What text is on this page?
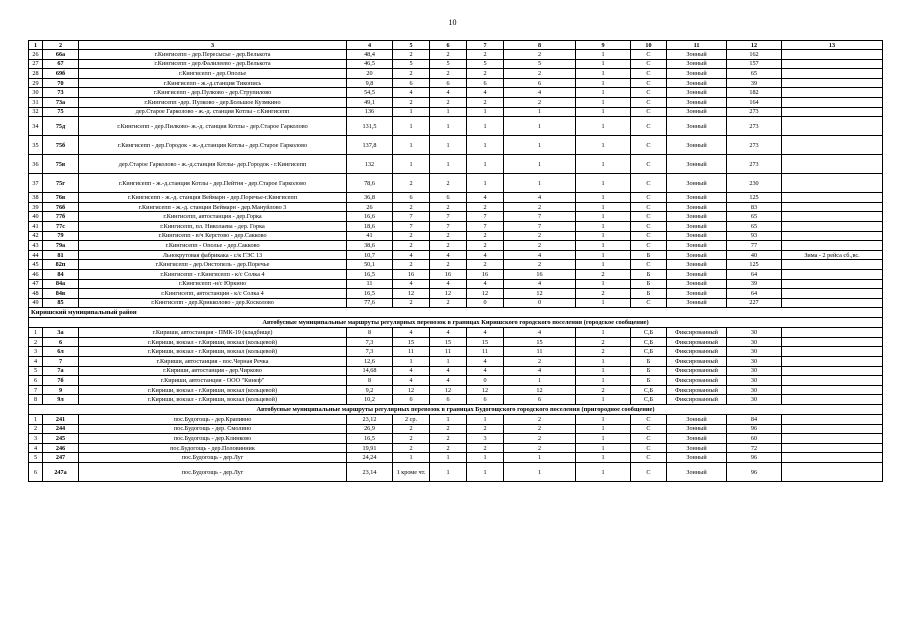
10
1	2	3	4	5	6	7	8	9	10	11	12	13
26	66а	г.Кингисепп - дер.Пересысье - дер.Велькота	48,4	2	2	2	2	1	С	Зонный	162	
27	67	г.Кингисепп - дер.Фалилеево - дер.Велькота	46,5	5	5	5	5	1	С	Зонный	157	
28	69б	г.Кингисепп - дер.Ополье	20	2	2	2	2	1	С	Зонный	65	
29	70	г.Кингисепп - ж.-д.станция Тикопись	9,8	6	6	6	6	1	С	Зонный	39	
30	73	г.Кингисепп - дер.Пулково - дер.Струпилово	54,5	4	4	4	4	1	С	Зонный	182	
31	73а	г.Кингисепп -дер. Пулково - дер.Большое Кузмкино	49,1	2	2	2	2	1	С	Зонный	164	
32	75	дер.Старое Гарколово - ж.-д. станция Котлы - г.Кингисепп	136	1	1	1	1	1	С	Зонный	273	
34	75д	г.Кингисепп - дер.Пилково- ж.-д. станция Котлы - дер.Старое Гарколово	131,5	1	1	1	1	1	С	Зонный	273	
35	75б	г.Кингисепп - дер.Городок - ж.-д.станция Котлы - дер.Старое Гарколово	137,8	1	1	1	1	1	С	Зонный	273	
36	75в	дер.Старое Гарколово - ж.-д.станция Котлы- дер.Городок - г.Кингисепп	132	1	1	1	1	1	С	Зонный	273	
37	75г	г.Кингисепп - ж.-д.станция Котлы - дер.Пейтня - дер.Старое Гарколово	78,6	2	2	1	1	1	С	Зонный	230	
38	76в	г.Кингисепп - ж.-д. станция Веймарн - дер.Поречье-г.Кингисепп	36,8	6	6	4	4	1	С	Зонный	125	
39	76б	г.Кингисепп - ж.-д. станция Веймарн - дер.Мануйлово 3	26	2	2	2	2	1	С	Зонный	83	
40	77б	г.Кингисепп, автостанция - дер.Горка	16,6	7	7	7	7	1	С	Зонный	65	
41	77с	г.Кингисепп, пл. Николаева - дер. Горка	18,6	7	7	7	7	1	С	Зонный	65	
42	79	г.Кингисепп - в/ч Керстово - дер.Сакково	41	2	2	2	2	1	С	Зонный	93	
43	79а	г.Кингисепп - Ополье - дер.Сакково	38,6	2	2	2	2	1	С	Зонный	77	
44	81	Льнокрутовая фабрикака - с/к ГЭС 13	10,7	4	4	4	4	1	Б	Зонный	40	Зима - 2 рейса сб.,вс.
45	82п	г.Кингисепп - дер.Онстопель - дер.Поречье	50,1	2	2	2	2	1	С	Зонный	125	
46	84	г.Кингисепп - г.Кингисепп - к/с Солка 4	16,5	16	16	16	16	2	Б	Зонный	64	
47	84а	г.Кингисепп -н/с Юркино	11	4	4	4	4	1	Б	Зонный	39	
48	84в	г.Кингисепп, автостанция - к/с Солка 4	16,5	12	12	12	12	2	Б	Зонный	64	
49	85	г.Кингисепп - дер.Крикколово - дер.Косколово	77,6	2	2	0	0	1	С	Зонный	227	
Киришский муниципальный район												
Автобусные муниципальные маршруты регулярных перевозок в границах Киришского городского поселения (городское сообщение)												
1	3а	г.Кириши, автостанция - ПМК-19 (кладбище)	8	4	4	4	4	1	С,Б	Фиксированный	30	
2	6	г.Кириши, вокзал - г.Кириши, вокзал (кольцевой)	7,3	15	15	15	15	2	С,Б	Фиксированный	30	
3	6л	г.Кириши, вокзал - г.Кириши, вокзал (кольцевой)	7,3	11	11	11	11	2	С,Б	Фиксированный	30	
4	7	г.Кириши, автостанция - пос.Черная Речка	12,6	1	1	4	2	1	Б	Фиксированный	30	
5	7а	г.Кириши, автостанция - дер.Чирково	14,68	4	4	4	4	1	Б	Фиксированный	30	
6	7б	г.Кириши, автостанция - ООО "Кинеф"	8	4	4	0	1	1	Б	Фиксированный	30	
7	9	г.Кириши, вокзал - г.Кириши, вокзал (кольцевой)	9,2	12	12	12	12	2	С,Б	Фиксированный	30	
8	9л	г.Кириши, вокзал - г.Кириши, вокзал (кольцевой)	10,2	6	6	6	6	1	С,Б	Фиксированный	30	
Автобусные муниципальные маршруты регулярных перевозок в границах Будогощского городского поселения (пригородное сообщение)												
1	241	пос.Будогощь - дер.Крапивно	23,12	2 ср.	1	1	2	1	С	Зонный	84	
2	244	пос.Будогощь - дер. Смолино	26,9	2	2	2	2	1	С	Зонный	96	
3	245	пос.Будогощь - дер.Клинково	16,5	2	2	3	2	1	С	Зонный	60	
4	246	пос.Будогощь - дер.Половинник	19,91	2	2	2	2	1	С	Зонный	72	
5	247	пос.Будогощь - дер.Луг	24,24	1	1	1	1	1	С	Зонный	96	
6	247а	пос.Будогощь - дер.Луг	23,14	1 кроме чт.	1	1	1	1	С	Зонный	96	
